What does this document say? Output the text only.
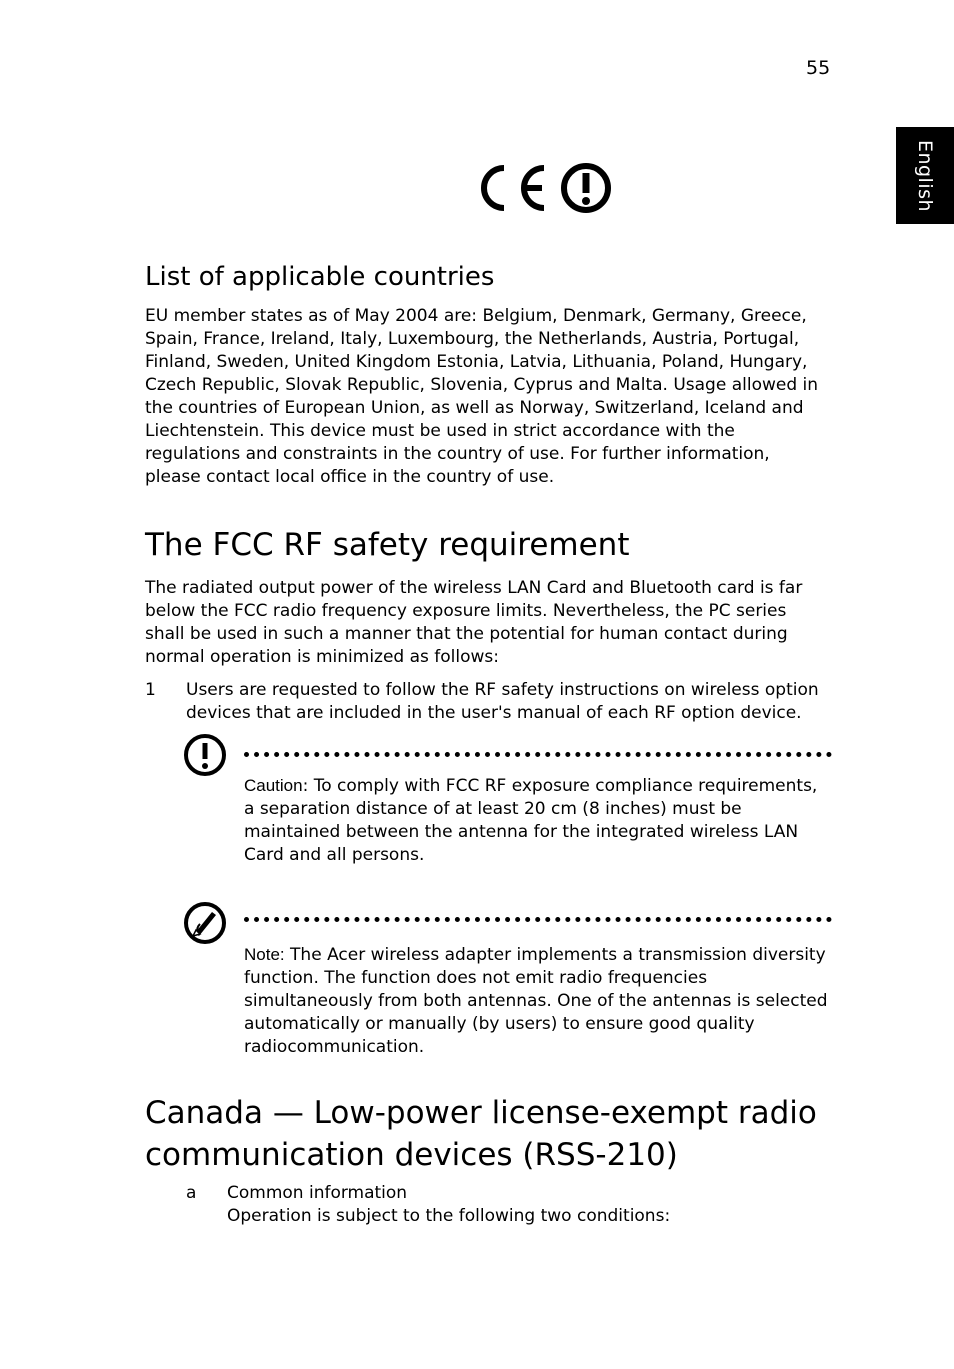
55
English
List of applicable countries

EU member states as of May 2004 are: Belgium, Denmark, Germany, Greece, Spain, France, Ireland, Italy, Luxembourg, the Netherlands, Austria, Portugal, Finland, Sweden, United Kingdom Estonia, Latvia, Lithuania, Poland, Hungary, Czech Republic, Slovak Republic, Slovenia, Cyprus and Malta. Usage allowed in the countries of European Union, as well as Norway, Switzerland, Iceland and Liechtenstein. This device must be used in strict accordance with the regulations and constraints in the country of use. For further information, please contact local office in the country of use.

The FCC RF safety requirement

The radiated output power of the wireless LAN Card and Bluetooth card is far below the FCC radio frequency exposure limits. Nevertheless, the PC series shall be used in such a manner that the potential for human contact during normal operation is minimized as follows:

1 Users are requested to follow the RF safety instructions on wireless option devices that are included in the user's manual of each RF option device.

Caution: To comply with FCC RF exposure compliance requirements, a separation distance of at least 20 cm (8 inches) must be maintained between the antenna for the integrated wireless LAN Card and all persons.

Note: The Acer wireless adapter implements a transmission diversity function. The function does not emit radio frequencies simultaneously from both antennas. One of the antennas is selected automatically or manually (by users) to ensure good quality radiocommunication.

Canada — Low-power license-exempt radio communication devices (RSS-210)
a Common information
Operation is subject to the following two conditions:
